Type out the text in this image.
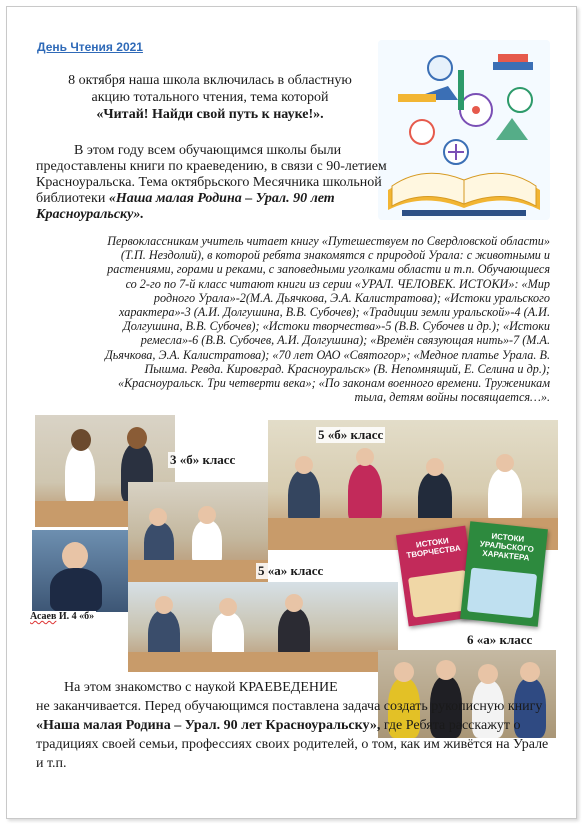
День Чтения 2021
8 октября наша школа включилась в областную
акцию тотального чтения, тема которой
«Читай! Найди свой путь к науке!».
В этом году всем обучающимся школы были предоставлены книги по краеведению, в связи с 90-летием Красноуральска. Тема октябрьского Месячника школьной библиотеки «Наша малая Родина – Урал. 90 лет Красноуральску».
Первоклассникам учитель читает книгу «Путешествуем по Свердловской области» (Т.П. Нездолий), в которой ребята знакомятся с природой Урала: с животными и растениями, горами и реками, с заповедными уголками области и т.п. Обучающиеся со 2-го по 7-й класс читают книги из серии «УРАЛ. ЧЕЛОВЕК. ИСТОКИ»: «Мир родного Урала»-2(М.А. Дьячкова, Э.А. Калистратова); «Истоки уральского характера»-3 (А.И. Долгушина, В.В. Субочев); «Традиции земли уральской»-4 (А.И. Долгушина, В.В. Субочев); «Истоки творчества»-5 (В.В. Субочев и др.); «Истоки ремесла»-6 (В.В. Субочев, А.И. Долгушина); «Времён связующая нить»-7 (М.А. Дьячкова, Э.А. Калистратова); «70 лет ОАО «Святогор»; «Медное платье Урала. В. Пышма. Ревда. Кировград. Красноуральск» (В. Непомнящий, Е. Селина и др.); «Красноуральск. Три четверти века»; «По законам военного времени. Труженикам тыла, детям войны посвящается…».
ИСТОКИ ТВОРЧЕСТВА
ИСТОКИ УРАЛЬСКОГО ХАРАКТЕРА
3 «б» класс
5 «б» класс
5 «а» класс
6 «а» класс
Асаев И. 4 «б»
На этом знакомство с наукой КРАЕВЕДЕНИЕ
не заканчивается. Перед обучающимся поставлена задача создать рукописную книгу «Наша малая Родина – Урал. 90 лет Красноуральску», где Ребята расскажут о традициях своей семьи, профессиях своих родителей, о том, как им живётся на Урале и т.п.
